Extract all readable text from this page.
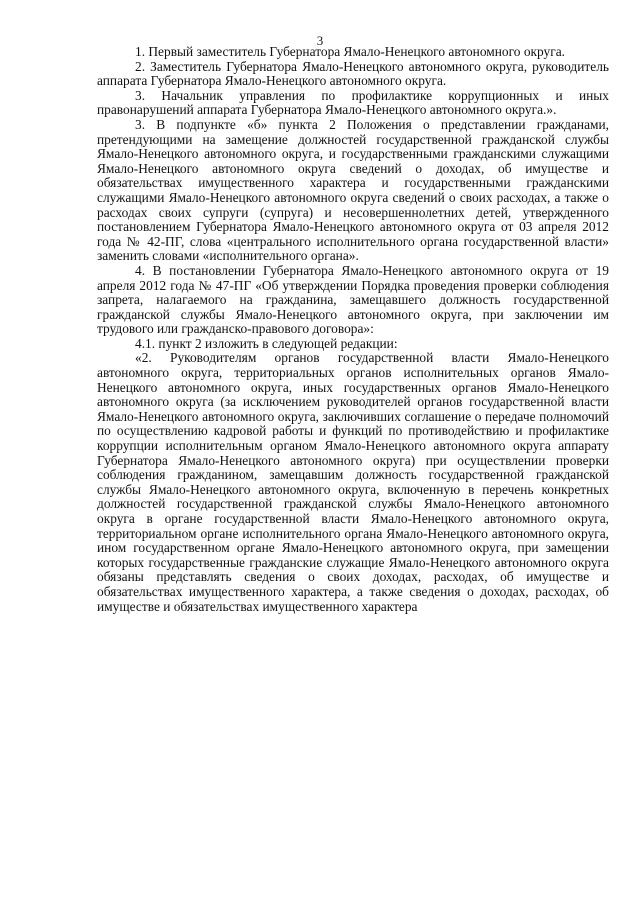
3

1. Первый заместитель Губернатора Ямало-Ненецкого автономного округа.

2. Заместитель Губернатора Ямало-Ненецкого автономного округа, руководитель аппарата Губернатора Ямало-Ненецкого автономного округа.

3. Начальник управления по профилактике коррупционных и иных правонарушений аппарата Губернатора Ямало-Ненецкого автономного округа.».

3. В подпункте «б» пункта 2 Положения о представлении гражданами, претендующими на замещение должностей государственной гражданской службы Ямало-Ненецкого автономного округа, и государственными гражданскими служащими Ямало-Ненецкого автономного округа сведений о доходах, об имуществе и обязательствах имущественного характера и государственными гражданскими служащими Ямало-Ненецкого автономного округа сведений о своих расходах, а также о расходах своих супруги (супруга) и несовершеннолетних детей, утвержденного постановлением Губернатора Ямало-Ненецкого автономного округа от 03 апреля 2012 года № 42-ПГ, слова «центрального исполнительного органа государственной власти» заменить словами «исполнительного органа».

4. В постановлении Губернатора Ямало-Ненецкого автономного округа от 19 апреля 2012 года № 47-ПГ «Об утверждении Порядка проведения проверки соблюдения запрета, налагаемого на гражданина, замещавшего должность государственной гражданской службы Ямало-Ненецкого автономного округа, при заключении им трудового или гражданско-правового договора»:

4.1. пункт 2 изложить в следующей редакции:

«2. Руководителям органов государственной власти Ямало-Ненецкого автономного округа, территориальных органов исполнительных органов Ямало-Ненецкого автономного округа, иных государственных органов Ямало-Ненецкого автономного округа (за исключением руководителей органов государственной власти Ямало-Ненецкого автономного округа, заключивших соглашение о передаче полномочий по осуществлению кадровой работы и функций по противодействию и профилактике коррупции исполнительным органом Ямало-Ненецкого автономного округа аппарату Губернатора Ямало-Ненецкого автономного округа) при осуществлении проверки соблюдения гражданином, замещавшим должность государственной гражданской службы Ямало-Ненецкого автономного округа, включенную в перечень конкретных должностей государственной гражданской службы Ямало-Ненецкого автономного округа в органе государственной власти Ямало-Ненецкого автономного округа, территориальном органе исполнительного органа Ямало-Ненецкого автономного округа, ином государственном органе Ямало-Ненецкого автономного округа, при замещении которых государственные гражданские служащие Ямало-Ненецкого автономного округа обязаны представлять сведения о своих доходах, расходах, об имуществе и обязательствах имущественного характера, а также сведения о доходах, расходах, об имуществе и обязательствах имущественного характера
